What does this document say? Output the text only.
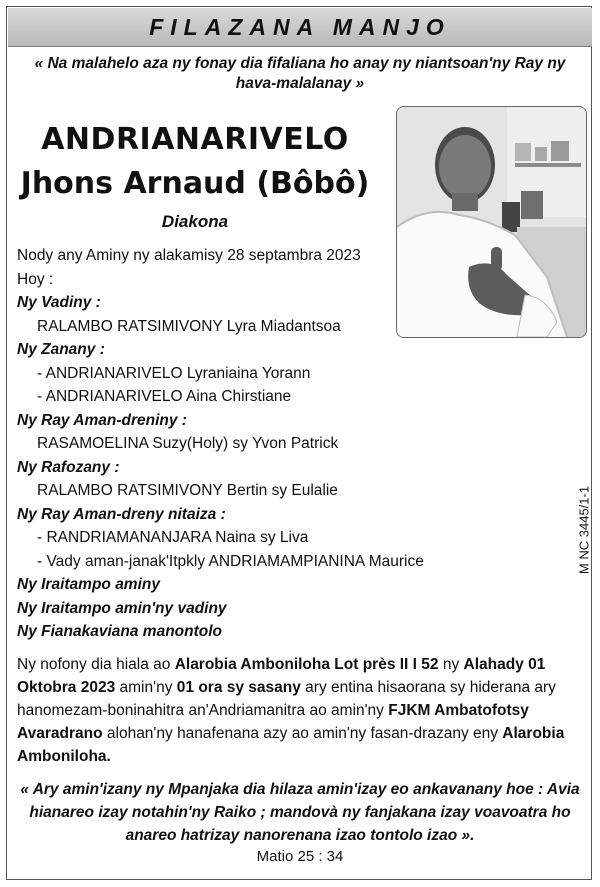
FILAZANA MANJO
« Na malahelo aza ny fonay dia fifaliana ho anay ny niantsoan'ny Ray ny hava-malalanay »
ANDRIANARIVELO
Jhons Arnaud (Bôbô)
Diakona
Nody any Aminy ny alakamisy 28 septambra 2023
Hoy :
Ny Vadiny :
RALAMBO RATSIMIVONY Lyra Miadantsoa
Ny Zanany :
- ANDRIANARIVELO Lyraniaina Yorann
- ANDRIANARIVELO Aina Chirstiane
Ny Ray Aman-dreniny :
RASAMOELINA Suzy(Holy) sy Yvon Patrick
Ny Rafozany :
RALAMBO RATSIMIVONY Bertin sy Eulalie
Ny Ray Aman-dreny nitaiza :
- RANDRIAMANANJARA Naina sy Liva
- Vady aman-janak'Itpkly ANDRIAMAMPIANINA Maurice
Ny Iraitampo aminy
Ny Iraitampo amin'ny vadiny
Ny Fianakaviana manontolo
M NC 3445/1-1
Ny nofony dia hiala ao Alarobia Amboniloha Lot près II I 52 ny Alahady 01 Oktobra 2023 amin'ny 01 ora sy sasany ary entina hisaorana sy hiderana ary hanomezam-boninahitra an'Andriamanitra ao amin'ny FJKM Ambatofotsy Avaradrano alohan'ny hanafenana azy ao amin'ny fasan-drazany eny Alarobia Amboniloha.
« Ary amin'izany ny Mpanjaka dia hilaza amin'izay eo ankavanany hoe : Avia hianareo izay notahin'ny Raiko ; mandovà ny fanjakana izay voavoatra ho anareo hatrizay nanorenana izao tontolo izao ».
Matio 25 : 34
